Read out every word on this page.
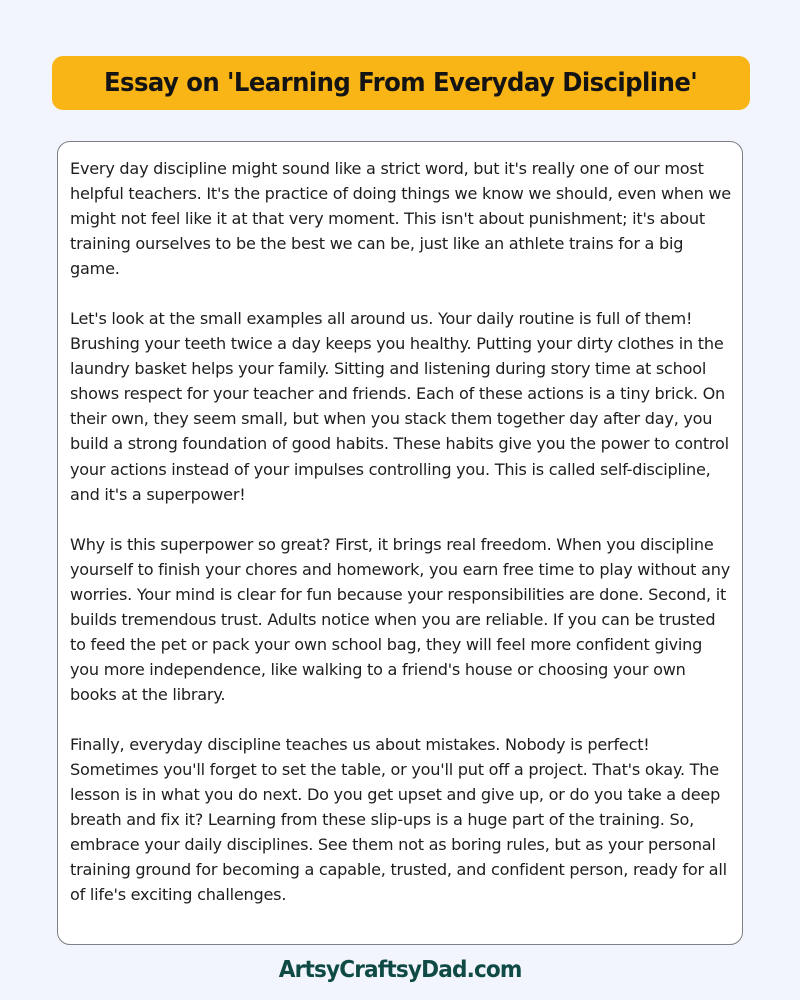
Essay on 'Learning From Everyday Discipline'

Every day discipline might sound like a strict word, but it's really one of our most helpful teachers. It's the practice of doing things we know we should, even when we might not feel like it at that very moment. This isn't about punishment; it's about training ourselves to be the best we can be, just like an athlete trains for a big game.

Let's look at the small examples all around us. Your daily routine is full of them! Brushing your teeth twice a day keeps you healthy. Putting your dirty clothes in the laundry basket helps your family. Sitting and listening during story time at school shows respect for your teacher and friends. Each of these actions is a tiny brick. On their own, they seem small, but when you stack them together day after day, you build a strong foundation of good habits. These habits give you the power to control your actions instead of your impulses controlling you. This is called self-discipline, and it's a superpower!

Why is this superpower so great? First, it brings real freedom. When you discipline yourself to finish your chores and homework, you earn free time to play without any worries. Your mind is clear for fun because your responsibilities are done. Second, it builds tremendous trust. Adults notice when you are reliable. If you can be trusted to feed the pet or pack your own school bag, they will feel more confident giving you more independence, like walking to a friend's house or choosing your own books at the library.

Finally, everyday discipline teaches us about mistakes. Nobody is perfect! Sometimes you'll forget to set the table, or you'll put off a project. That's okay. The lesson is in what you do next. Do you get upset and give up, or do you take a deep breath and fix it? Learning from these slip-ups is a huge part of the training. So, embrace your daily disciplines. See them not as boring rules, but as your personal training ground for becoming a capable, trusted, and confident person, ready for all of life's exciting challenges.

ArtsyCraftsyDad.com
